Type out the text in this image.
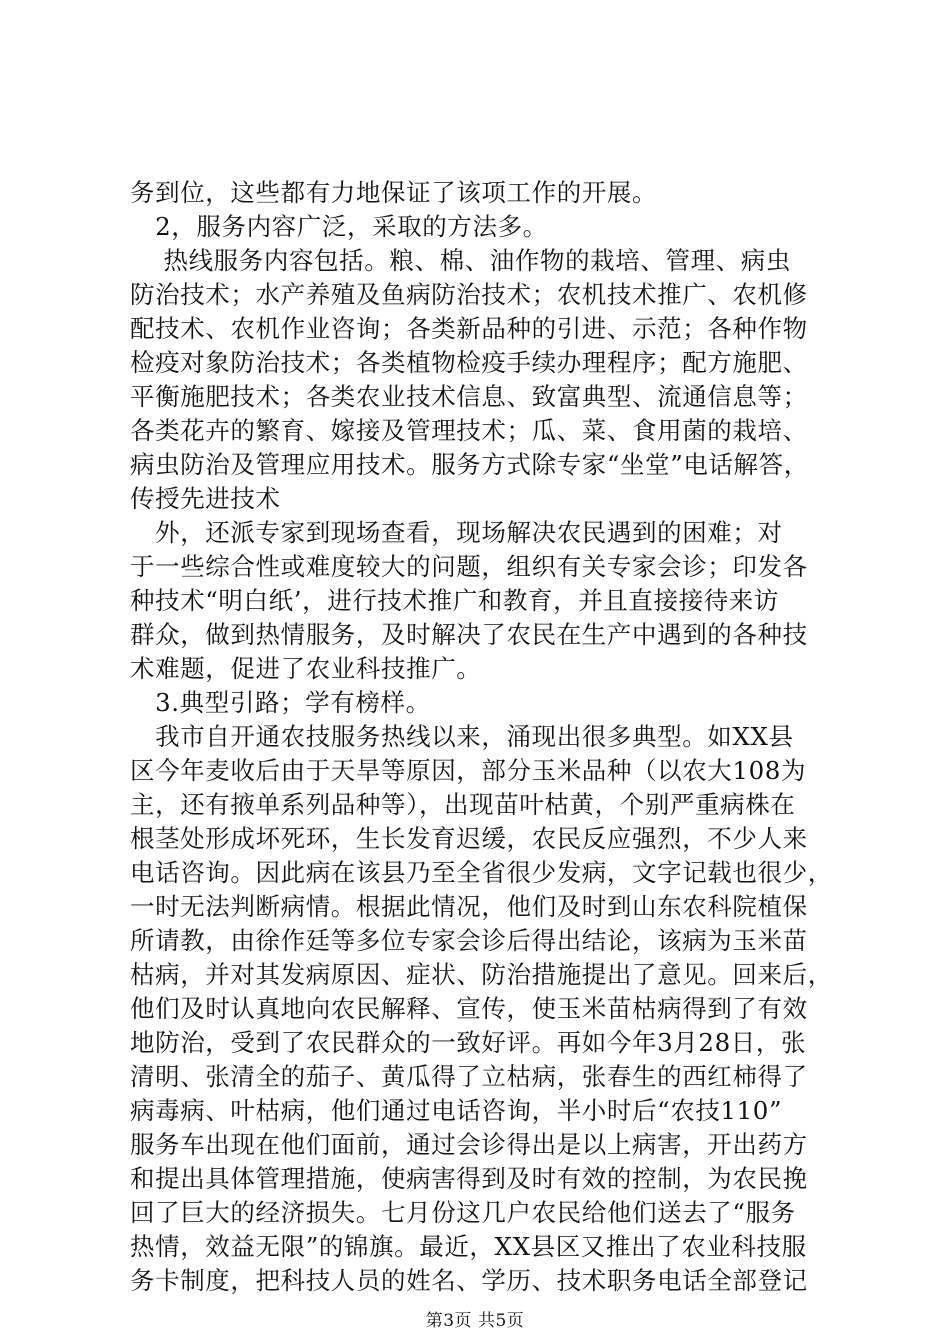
务到位，这些都有力地保证了该项工作的开展。
　2，服务内容广泛，采取的方法多。
　 热线服务内容包括。粮、棉、油作物的栽培、管理、病虫
防治技术；水产养殖及鱼病防治技术；农机技术推广、农机修
配技术、农机作业咨询；各类新品种的引进、示范；各种作物
检疫对象防治技术；各类植物检疫手续办理程序；配方施肥、
平衡施肥技术；各类农业技术信息、致富典型、流通信息等；
各类花卉的繁育、嫁接及管理技术；瓜、菜、食用菌的栽培、
病虫防治及管理应用技术。服务方式除专家“坐堂”电话解答，
传授先进技术
　外，还派专家到现场查看，现场解决农民遇到的困难；对
于一些综合性或难度较大的问题，组织有关专家会诊；印发各
种技术“明白纸’，进行技术推广和教育，并且直接接待来访
群众，做到热情服务，及时解决了农民在生产中遇到的各种技
术难题，促进了农业科技推广。
　3.典型引路；学有榜样。
　我市自开通农技服务热线以来，涌现出很多典型。如XX县
区今年麦收后由于天旱等原因，部分玉米品种（以农大108为
主，还有掖单系列品种等），出现苗叶枯黄，个别严重病株在
根茎处形成坏死环，生长发育迟缓，农民反应强烈，不少人来
电话咨询。因此病在该县乃至全省很少发病，文字记载也很少，
一时无法判断病情。根据此情况，他们及时到山东农科院植保
所请教，由徐作廷等多位专家会诊后得出结论，该病为玉米苗
枯病，并对其发病原因、症状、防治措施提出了意见。回来后，
他们及时认真地向农民解释、宣传，使玉米苗枯病得到了有效
地防治，受到了农民群众的一致好评。再如今年3月28日，张
清明、张清全的茄子、黄瓜得了立枯病，张春生的西红柿得了
病毒病、叶枯病，他们通过电话咨询，半小时后“农技110”
服务车出现在他们面前，通过会诊得出是以上病害，开出药方
和提出具体管理措施，使病害得到及时有效的控制，为农民挽
回了巨大的经济损失。七月份这几户农民给他们送去了“服务
热情，效益无限”的锦旗。最近，XX县区又推出了农业科技服
务卡制度，把科技人员的姓名、学历、技术职务电话全部登记
第3页 共5页
